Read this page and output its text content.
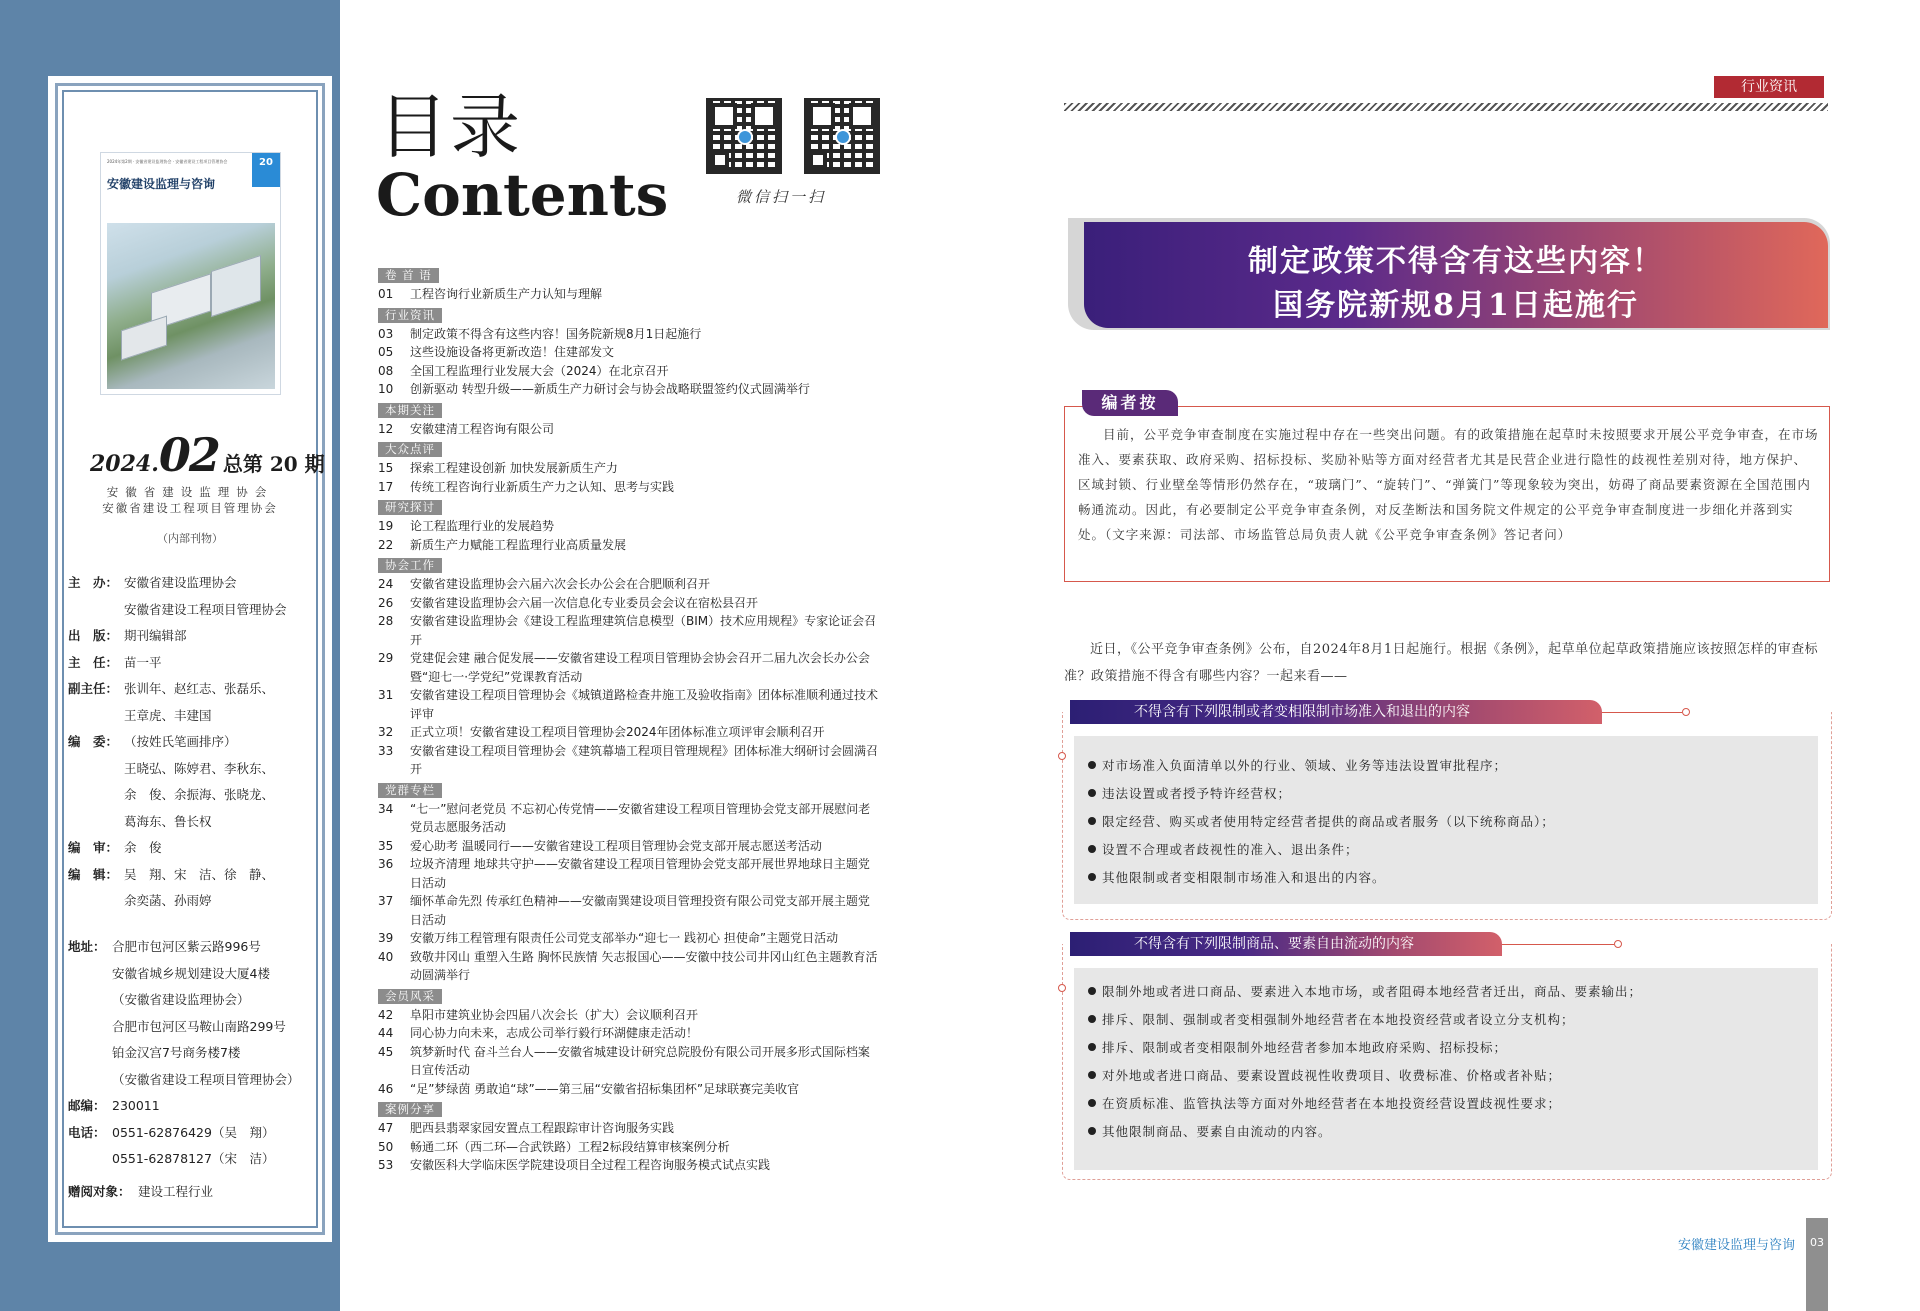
2024年第2期 · 安徽省建设监理协会 · 安徽省建设工程项目管理协会
安徽建设监理与咨询
20
2024.02 总第 20 期
安徽省建设监理协会
安徽省建设工程项目管理协会
（内部刊物）
主　办： 安徽省建设监理协会
安徽省建设工程项目管理协会
出　版： 期刊编辑部
主　任： 苗一平
副主任： 张训年、赵红志、张磊乐、
王章虎、丰建国
编　委： （按姓氏笔画排序）
王晓弘、陈婷君、李秋东、
余　俊、余振海、张晓龙、
葛海东、鲁长权
编　审： 余　俊
编　辑： 吴　翔、宋　洁、徐　静、
余奕菡、孙雨婷
地址： 合肥市包河区紫云路996号
安徽省城乡规划建设大厦4楼
（安徽省建设监理协会）
合肥市包河区马鞍山南路299号
铂金汉宫7号商务楼7楼
（安徽省建设工程项目管理协会）
邮编： 230011
电话： 0551-62876429（吴　翔）
0551-62878127（宋　洁）
赠阅对象： 建设工程行业
目录
Contents	微信扫一扫
卷 首 语
01	工程咨询行业新质生产力认知与理解
行业资讯
03	制定政策不得含有这些内容！国务院新规8月1日起施行
05	这些设施设备将更新改造！住建部发文
08	全国工程监理行业发展大会（2024）在北京召开
10	创新驱动 转型升级——新质生产力研讨会与协会战略联盟签约仪式圆满举行
本期关注
12	安徽建清工程咨询有限公司
大众点评
15	探索工程建设创新 加快发展新质生产力
17	传统工程咨询行业新质生产力之认知、思考与实践
研究探讨
19	论工程监理行业的发展趋势
22	新质生产力赋能工程监理行业高质量发展
协会工作
24	安徽省建设监理协会六届六次会长办公会在合肥顺利召开
26	安徽省建设监理协会六届一次信息化专业委员会会议在宿松县召开
28	安徽省建设监理协会《建设工程监理建筑信息模型（BIM）技术应用规程》专家论证会召开
29	党建促会建 融合促发展——安徽省建设工程项目管理协会协会召开二届九次会长办公会暨“迎七一·学党纪”党课教育活动
31	安徽省建设工程项目管理协会《城镇道路检查井施工及验收指南》团体标准顺利通过技术评审
32	正式立项！安徽省建设工程项目管理协会2024年团体标准立项评审会顺利召开
33	安徽省建设工程项目管理协会《建筑幕墙工程项目管理规程》团体标准大纲研讨会圆满召开
党群专栏
34	“七一”慰问老党员 不忘初心传党情——安徽省建设工程项目管理协会党支部开展慰问老党员志愿服务活动
35	爱心助考 温暖同行——安徽省建设工程项目管理协会党支部开展志愿送考活动
36	垃圾齐清理 地球共守护——安徽省建设工程项目管理协会党支部开展世界地球日主题党日活动
37	缅怀革命先烈 传承红色精神——安徽南巽建设项目管理投资有限公司党支部开展主题党日活动
39	安徽万纬工程管理有限责任公司党支部举办“迎七一 践初心 担使命”主题党日活动
40	致敬井冈山 重塑入生路 胸怀民族情 矢志报国心——安徽中技公司井冈山红色主题教育活动圆满举行
会员风采
42	阜阳市建筑业协会四届八次会长（扩大）会议顺利召开
44	同心协力向未来，志成公司举行毅行环湖健康走活动！
45	筑梦新时代 奋斗兰台人——安徽省城建设计研究总院股份有限公司开展多形式国际档案日宣传活动
46	“足”梦绿茵 勇敢追“球”——第三届“安徽省招标集团杯”足球联赛完美收官
案例分享
47	肥西县翡翠家园安置点工程跟踪审计咨询服务实践
50	畅通二环（西二环—合武铁路）工程2标段结算审核案例分析
53	安徽医科大学临床医学院建设项目全过程工程咨询服务模式试点实践
行业资讯
制定政策不得含有这些内容！
国务院新规8月1日起施行
编者按
目前，公平竞争审查制度在实施过程中存在一些突出问题。有的政策措施在起草时未按照要求开展公平竞争审查，在市场准入、要素获取、政府采购、招标投标、奖励补贴等方面对经营者尤其是民营企业进行隐性的歧视性差别对待，地方保护、区域封锁、行业壁垒等情形仍然存在，“玻璃门”、“旋转门”、“弹簧门”等现象较为突出，妨碍了商品要素资源在全国范围内畅通流动。因此，有必要制定公平竞争审查条例，对反垄断法和国务院文件规定的公平竞争审查制度进一步细化并落到实处。（文字来源：司法部、市场监管总局负责人就《公平竞争审查条例》答记者问）
近日，《公平竞争审查条例》公布，自2024年8月1日起施行。根据《条例》，起草单位起草政策措施应该按照怎样的审查标准？政策措施不得含有哪些内容？一起来看——
不得含有下列限制或者变相限制市场准入和退出的内容
对市场准入负面清单以外的行业、领域、业务等违法设置审批程序；
违法设置或者授予特许经营权；
限定经营、购买或者使用特定经营者提供的商品或者服务（以下统称商品）；
设置不合理或者歧视性的准入、退出条件；
其他限制或者变相限制市场准入和退出的内容。
不得含有下列限制商品、要素自由流动的内容
限制外地或者进口商品、要素进入本地市场，或者阻碍本地经营者迁出，商品、要素输出；
排斥、限制、强制或者变相强制外地经营者在本地投资经营或者设立分支机构；
排斥、限制或者变相限制外地经营者参加本地政府采购、招标投标；
对外地或者进口商品、要素设置歧视性收费项目、收费标准、价格或者补贴；
在资质标准、监管执法等方面对外地经营者在本地投资经营设置歧视性要求；
其他限制商品、要素自由流动的内容。
安徽建设监理与咨询	03
